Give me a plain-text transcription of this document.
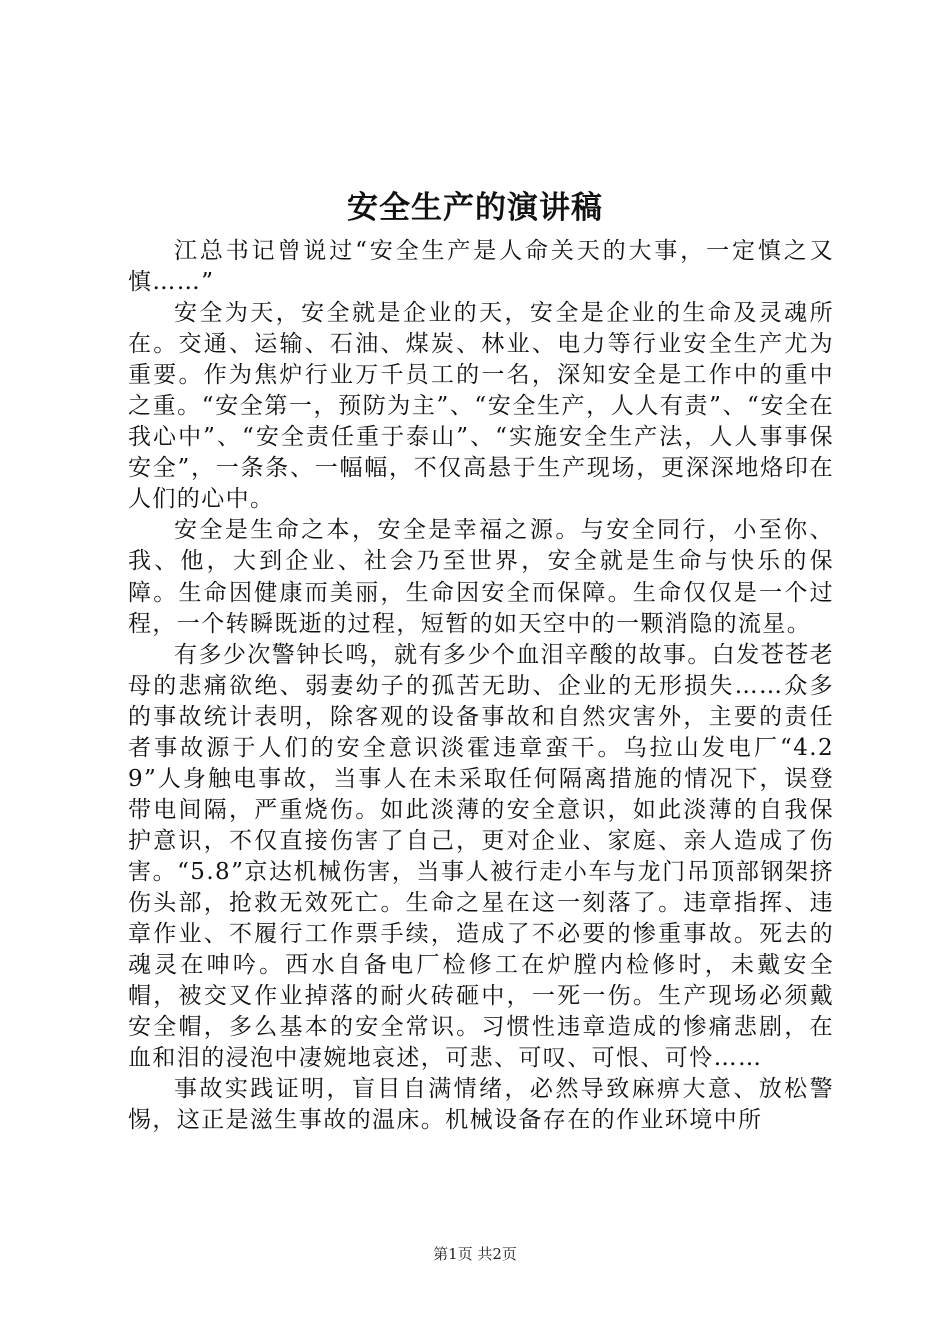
安全生产的演讲稿

江总书记曾说过“安全生产是人命关天的大事，一定慎之又慎……”

安全为天，安全就是企业的天，安全是企业的生命及灵魂所在。交通、运输、石油、煤炭、林业、电力等行业安全生产尤为重要。作为焦炉行业万千员工的一名，深知安全是工作中的重中之重。“安全第一，预防为主”、“安全生产，人人有责”、“安全在我心中”、“安全责任重于泰山”、“实施安全生产法，人人事事保安全”，一条条、一幅幅，不仅高悬于生产现场，更深深地烙印在人们的心中。

安全是生命之本，安全是幸福之源。与安全同行，小至你、我、他，大到企业、社会乃至世界，安全就是生命与快乐的保障。生命因健康而美丽，生命因安全而保障。生命仅仅是一个过程，一个转瞬既逝的过程，短暂的如天空中的一颗消隐的流星。

有多少次警钟长鸣，就有多少个血泪辛酸的故事。白发苍苍老母的悲痛欲绝、弱妻幼子的孤苦无助、企业的无形损失……众多的事故统计表明，除客观的设备事故和自然灾害外，主要的责任者事故源于人们的安全意识淡霍违章蛮干。乌拉山发电厂“4.29”人身触电事故，当事人在未采取任何隔离措施的情况下，误登带电间隔，严重烧伤。如此淡薄的安全意识，如此淡薄的自我保护意识，不仅直接伤害了自己，更对企业、家庭、亲人造成了伤害。“5.8”京达机械伤害，当事人被行走小车与龙门吊顶部钢架挤伤头部，抢救无效死亡。生命之星在这一刻落了。违章指挥、违章作业、不履行工作票手续，造成了不必要的惨重事故。死去的魂灵在呻吟。西水自备电厂检修工在炉膛内检修时，未戴安全帽，被交叉作业掉落的耐火砖砸中，一死一伤。生产现场必须戴安全帽，多么基本的安全常识。习惯性违章造成的惨痛悲剧，在血和泪的浸泡中凄婉地哀述，可悲、可叹、可恨、可怜……

事故实践证明，盲目自满情绪，必然导致麻痹大意、放松警惕，这正是滋生事故的温床。机械设备存在的作业环境中所

第1页 共2页
